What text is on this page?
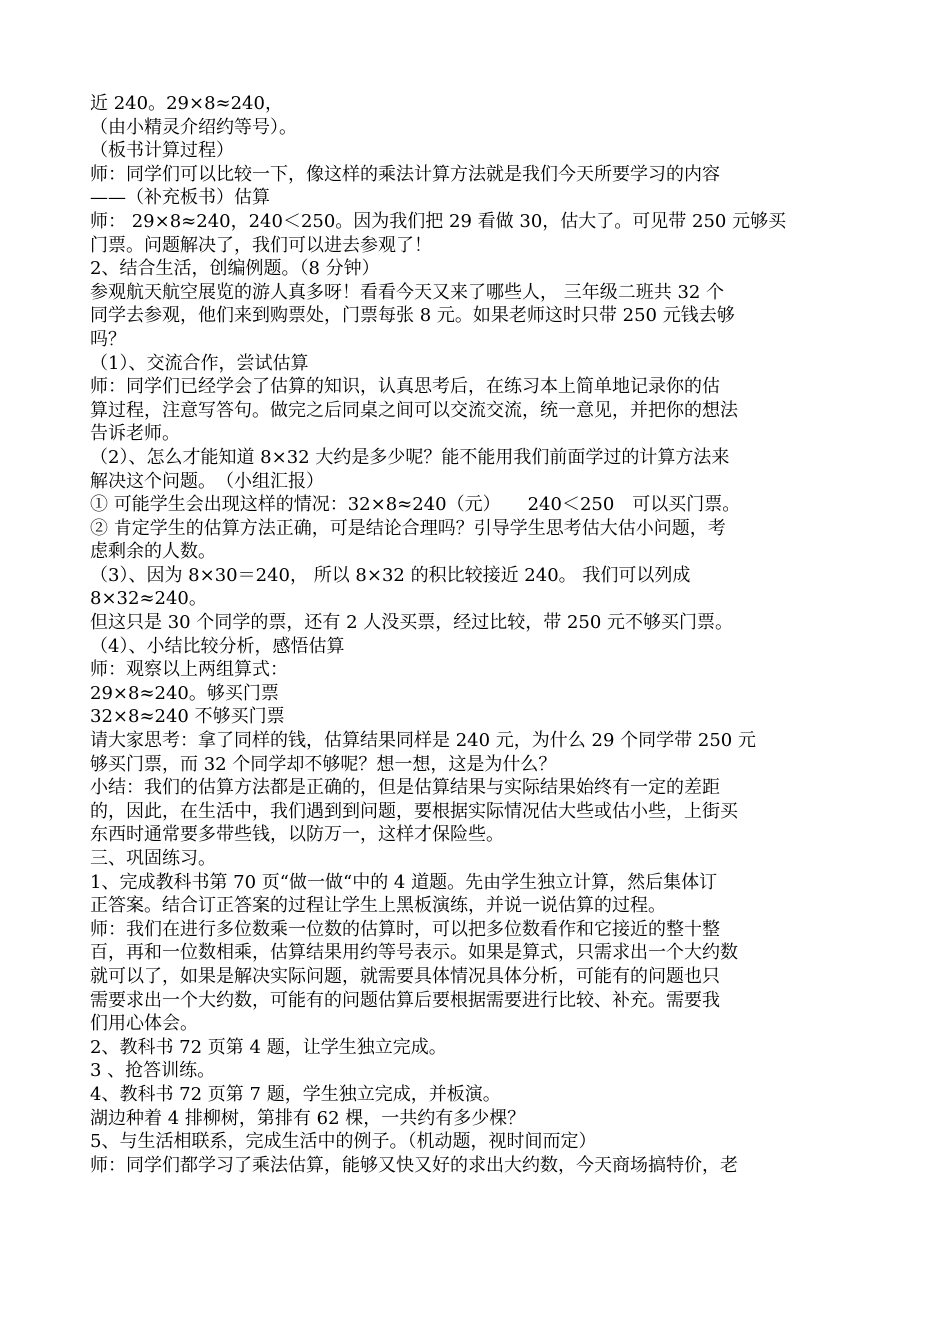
近 240。29×8≈240，
（由小精灵介绍约等号）。
（板书计算过程）
师：同学们可以比较一下，像这样的乘法计算方法就是我们今天所要学习的内容
——（补充板书）估算
师： 29×8≈240，240＜250。因为我们把 29 看做 30，估大了。可见带 250 元够买
门票。问题解决了，我们可以进去参观了！
2、结合生活，创编例题。（8 分钟）
参观航天航空展览的游人真多呀！看看今天又来了哪些人， 三年级二班共 32 个
同学去参观，他们来到购票处，门票每张 8 元。如果老师这时只带 250 元钱去够
吗？
（1）、交流合作，尝试估算
师：同学们已经学会了估算的知识，认真思考后，在练习本上简单地记录你的估
算过程，注意写答句。做完之后同桌之间可以交流交流，统一意见，并把你的想法
告诉老师。
（2）、怎么才能知道 8×32 大约是多少呢？能不能用我们前面学过的计算方法来
解决这个问题。　（小组汇报）
① 可能学生会出现这样的情况：32×8≈240（元）　　240＜250　可以买门票。
② 肯定学生的估算方法正确，可是结论合理吗？引导学生思考估大估小问题，考
虑剩余的人数。
（3）、因为 8×30＝240， 所以 8×32 的积比较接近 240。 我们可以列成
8×32≈240。
但这只是 30 个同学的票，还有 2 人没买票，经过比较，带 250 元不够买门票。
（4）、小结比较分析，感悟估算
师：观察以上两组算式：
29×8≈240。够买门票
32×8≈240 不够买门票
请大家思考：拿了同样的钱，估算结果同样是 240 元，为什么 29 个同学带 250 元
够买门票，而 32 个同学却不够呢？想一想，这是为什么？
小结：我们的估算方法都是正确的，但是估算结果与实际结果始终有一定的差距
的，因此，在生活中，我们遇到到问题，要根据实际情况估大些或估小些，上街买
东西时通常要多带些钱，以防万一，这样才保险些。
三、巩固练习。
1、完成教科书第 70 页“做一做“中的 4 道题。先由学生独立计算，然后集体订
正答案。结合订正答案的过程让学生上黑板演练，并说一说估算的过程。
师：我们在进行多位数乘一位数的估算时，可以把多位数看作和它接近的整十整
百，再和一位数相乘，估算结果用约等号表示。如果是算式，只需求出一个大约数
就可以了，如果是解决实际问题，就需要具体情况具体分析，可能有的问题也只
需要求出一个大约数，可能有的问题估算后要根据需要进行比较、补充。需要我
们用心体会。
2、教科书 72 页第 4 题，让学生独立完成。
3 、抢答训练。
4、教科书 72 页第 7 题，学生独立完成，并板演。
湖边种着 4 排柳树，第排有 62 棵，一共约有多少棵？
5、与生活相联系，完成生活中的例子。（机动题，视时间而定）
师：同学们都学习了乘法估算，能够又快又好的求出大约数，今天商场搞特价，老
